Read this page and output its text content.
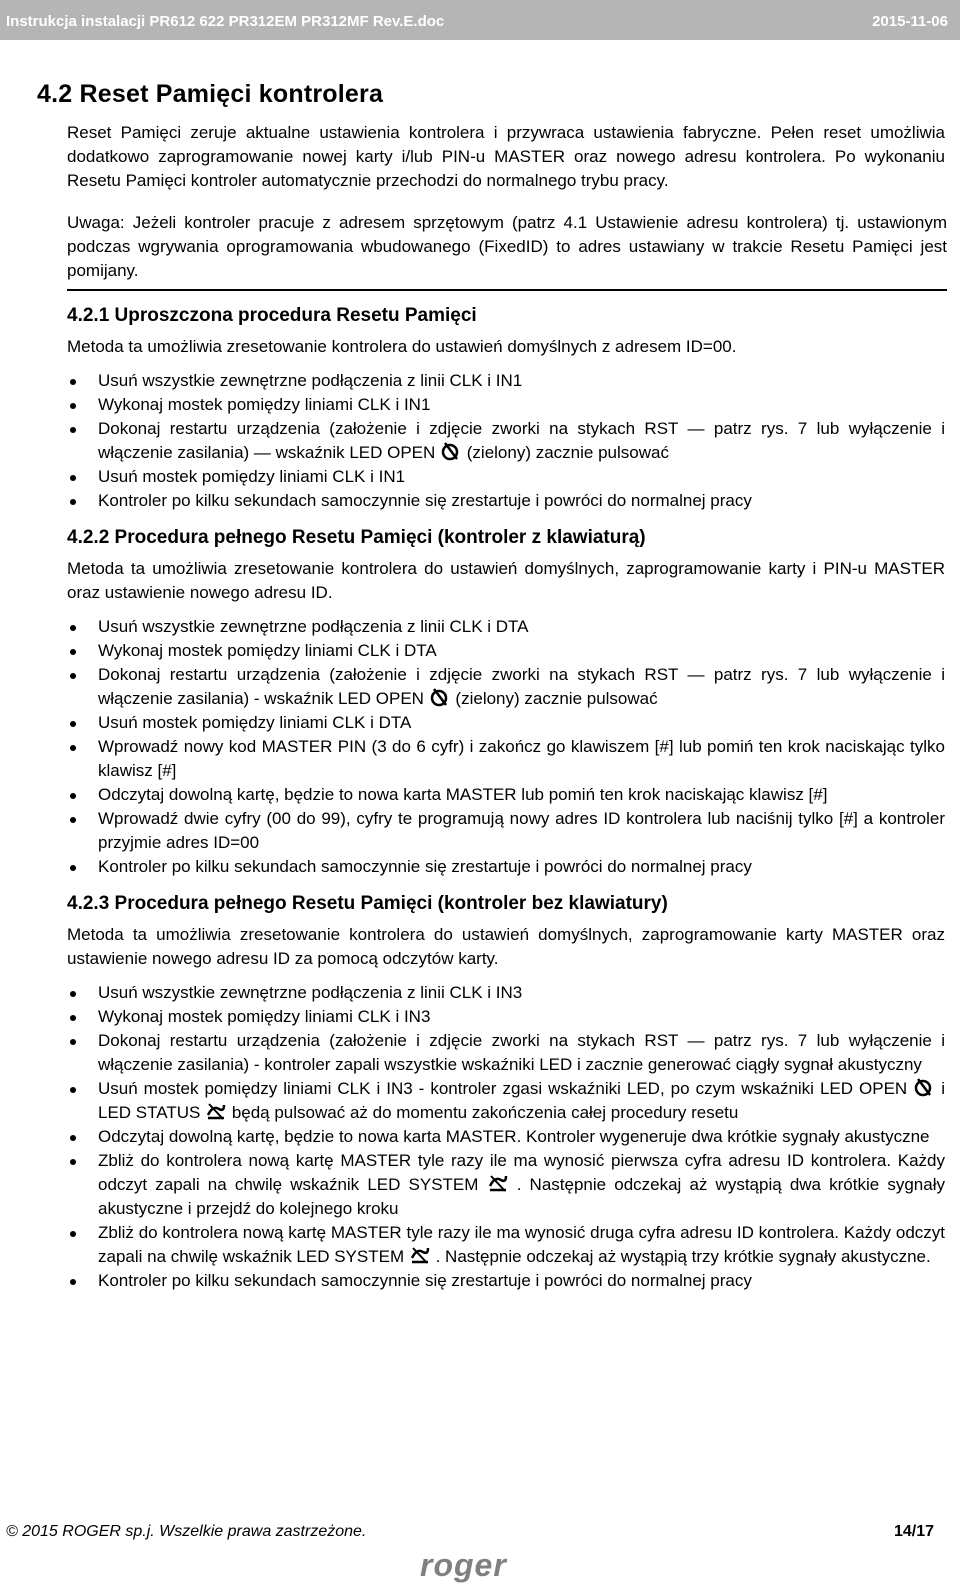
Instrukcja instalacji PR612 622 PR312EM PR312MF Rev.E.doc	2015-11-06
4.2 Reset Pamięci kontrolera

Reset Pamięci zeruje aktualne ustawienia kontrolera i przywraca ustawienia fabryczne. Pełen reset umożliwia dodatkowo zaprogramowanie nowej karty i/lub PIN-u MASTER oraz nowego adresu kontrolera. Po wykonaniu Resetu Pamięci kontroler automatycznie przechodzi do normalnego trybu pracy.

Uwaga: Jeżeli kontroler pracuje z adresem sprzętowym (patrz 4.1 Ustawienie adresu kontrolera) tj. ustawionym podczas wgrywania oprogramowania wbudowanego (FixedID) to adres ustawiany w trakcie Resetu Pamięci jest pomijany.

4.2.1 Uproszczona procedura Resetu Pamięci

Metoda ta umożliwia zresetowanie kontrolera do ustawień domyślnych z adresem ID=00.

Usuń wszystkie zewnętrzne podłączenia z linii CLK i IN1
Wykonaj mostek pomiędzy liniami CLK i IN1
Dokonaj restartu urządzenia (założenie i zdjęcie zworki na stykach RST — patrz rys. 7 lub wyłączenie i włączenie zasilania) — wskaźnik LED OPEN (zielony) zacznie pulsować
Usuń mostek pomiędzy liniami CLK i IN1
Kontroler po kilku sekundach samoczynnie się zrestartuje i powróci do normalnej pracy
4.2.2 Procedura pełnego Resetu Pamięci (kontroler z klawiaturą)

Metoda ta umożliwia zresetowanie kontrolera do ustawień domyślnych, zaprogramowanie karty i PIN-u MASTER oraz ustawienie nowego adresu ID.

Usuń wszystkie zewnętrzne podłączenia z linii CLK i DTA
Wykonaj mostek pomiędzy liniami CLK i DTA
Dokonaj restartu urządzenia (założenie i zdjęcie zworki na stykach RST — patrz rys. 7 lub wyłączenie i włączenie zasilania) - wskaźnik LED OPEN (zielony) zacznie pulsować
Usuń mostek pomiędzy liniami CLK i DTA
Wprowadź nowy kod MASTER PIN (3 do 6 cyfr) i zakończ go klawiszem [#] lub pomiń ten krok naciskając tylko klawisz [#]
Odczytaj dowolną kartę, będzie to nowa karta MASTER lub pomiń ten krok naciskając klawisz [#]
Wprowadź dwie cyfry (00 do 99), cyfry te programują nowy adres ID kontrolera lub naciśnij tylko [#] a kontroler przyjmie adres ID=00
Kontroler po kilku sekundach samoczynnie się zrestartuje i powróci do normalnej pracy
4.2.3 Procedura pełnego Resetu Pamięci (kontroler bez klawiatury)

Metoda ta umożliwia zresetowanie kontrolera do ustawień domyślnych, zaprogramowanie karty MASTER oraz ustawienie nowego adresu ID za pomocą odczytów karty.

Usuń wszystkie zewnętrzne podłączenia z linii CLK i IN3
Wykonaj mostek pomiędzy liniami CLK i IN3
Dokonaj restartu urządzenia (założenie i zdjęcie zworki na stykach RST — patrz rys. 7 lub wyłączenie i włączenie zasilania) - kontroler zapali wszystkie wskaźniki LED i zacznie generować ciągły sygnał akustyczny
Usuń mostek pomiędzy liniami CLK i IN3 - kontroler zgasi wskaźniki LED, po czym wskaźniki LED OPEN i LED STATUS będą pulsować aż do momentu zakończenia całej procedury resetu
Odczytaj dowolną kartę, będzie to nowa karta MASTER. Kontroler wygeneruje dwa krótkie sygnały akustyczne
Zbliż do kontrolera nową kartę MASTER tyle razy ile ma wynosić pierwsza cyfra adresu ID kontrolera. Każdy odczyt zapali na chwilę wskaźnik LED SYSTEM . Następnie odczekaj aż wystąpią dwa krótkie sygnały akustyczne i przejdź do kolejnego kroku
Zbliż do kontrolera nową kartę MASTER tyle razy ile ma wynosić druga cyfra adresu ID kontrolera. Każdy odczyt zapali na chwilę wskaźnik LED SYSTEM . Następnie odczekaj aż wystąpią trzy krótkie sygnały akustyczne.
Kontroler po kilku sekundach samoczynnie się zrestartuje i powróci do normalnej pracy
© 2015 ROGER sp.j. Wszelkie prawa zastrzeżone.	14/17
roger
